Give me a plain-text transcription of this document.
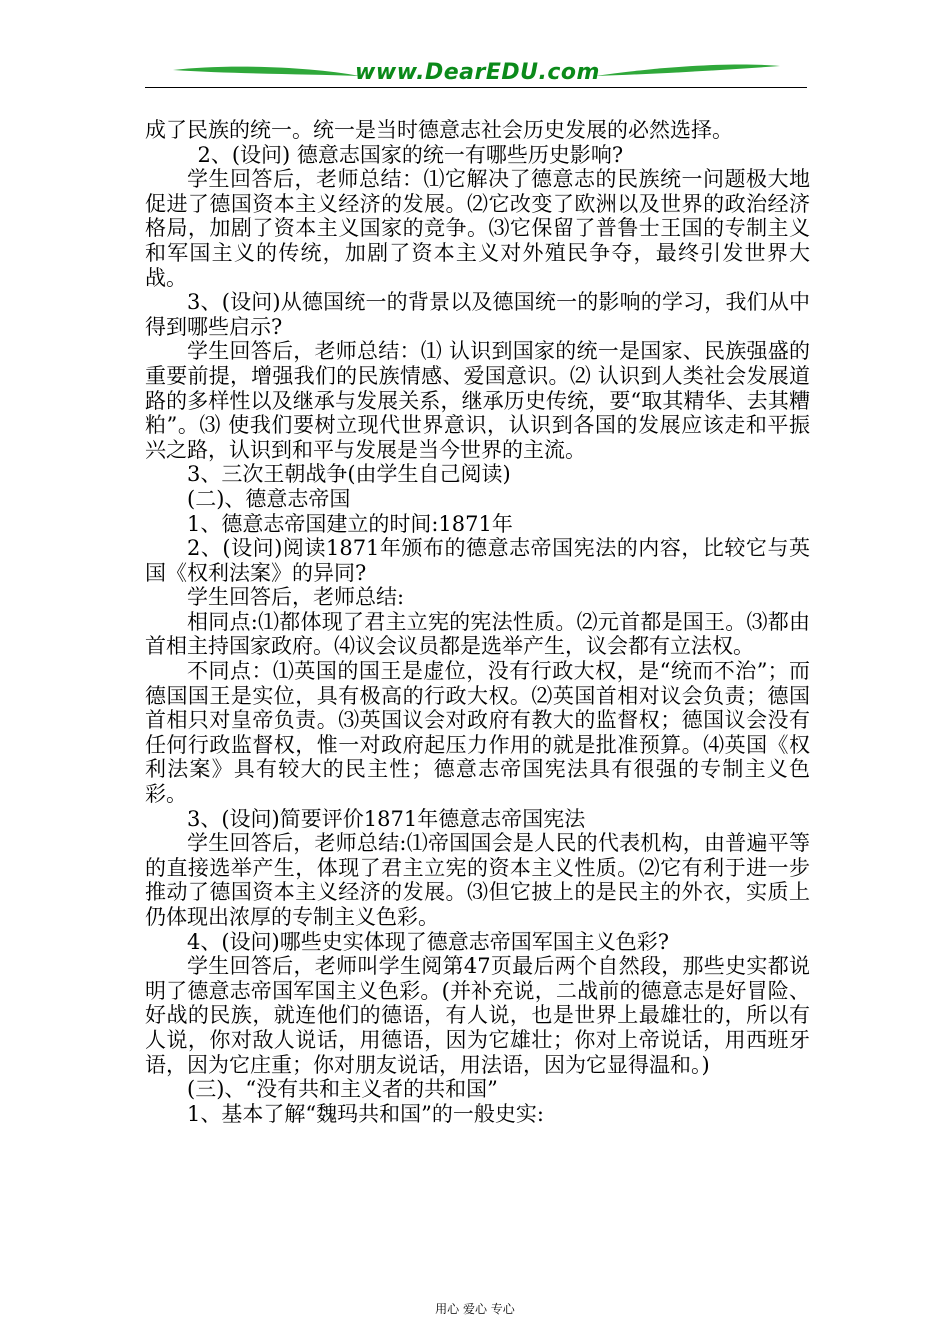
www.DearEDU.com

成了民族的统一。统一是当时德意志社会历史发展的必然选择。

2、(设问) 德意志国家的统一有哪些历史影响?

学生回答后，老师总结：⑴它解决了德意志的民族统一问题极大地促进了德国资本主义经济的发展。⑵它改变了欧洲以及世界的政治经济格局，加剧了资本主义国家的竞争。⑶它保留了普鲁士王国的专制主义和军国主义的传统，加剧了资本主义对外殖民争夺，最终引发世界大战。

3、(设问)从德国统一的背景以及德国统一的影响的学习，我们从中得到哪些启示?

学生回答后，老师总结：⑴ 认识到国家的统一是国家、民族强盛的重要前提，增强我们的民族情感、爱国意识。⑵ 认识到人类社会发展道路的多样性以及继承与发展关系，继承历史传统，要“取其精华、去其糟粕”。⑶ 使我们要树立现代世界意识，认识到各国的发展应该走和平振兴之路，认识到和平与发展是当今世界的主流。

3、三次王朝战争(由学生自己阅读)

(二)、德意志帝国

1、德意志帝国建立的时间:1871年

2、(设问)阅读1871年颁布的德意志帝国宪法的内容，比较它与英国《权利法案》的异同?

学生回答后，老师总结:

相同点:⑴都体现了君主立宪的宪法性质。⑵元首都是国王。⑶都由首相主持国家政府。⑷议会议员都是选举产生，议会都有立法权。

不同点：⑴英国的国王是虚位，没有行政大权，是“统而不治”；而德国国王是实位，具有极高的行政大权。⑵英国首相对议会负责；德国首相只对皇帝负责。⑶英国议会对政府有教大的监督权；德国议会没有任何行政监督权，惟一对政府起压力作用的就是批准预算。⑷英国《权利法案》具有较大的民主性；德意志帝国宪法具有很强的专制主义色彩。

3、(设问)简要评价1871年德意志帝国宪法

学生回答后，老师总结:⑴帝国国会是人民的代表机构，由普遍平等的直接选举产生，体现了君主立宪的资本主义性质。⑵它有利于进一步推动了德国资本主义经济的发展。⑶但它披上的是民主的外衣，实质上仍体现出浓厚的专制主义色彩。

4、(设问)哪些史实体现了德意志帝国军国主义色彩?

学生回答后，老师叫学生阅第47页最后两个自然段，那些史实都说明了德意志帝国军国主义色彩。(并补充说，二战前的德意志是好冒险、好战的民族，就连他们的德语，有人说，也是世界上最雄壮的，所以有人说，你对敌人说话，用德语，因为它雄壮；你对上帝说话，用西班牙语，因为它庄重；你对朋友说话，用法语，因为它显得温和。)

(三)、“没有共和主义者的共和国”

1、基本了解“魏玛共和国”的一般史实:

用心 爱心 专心
